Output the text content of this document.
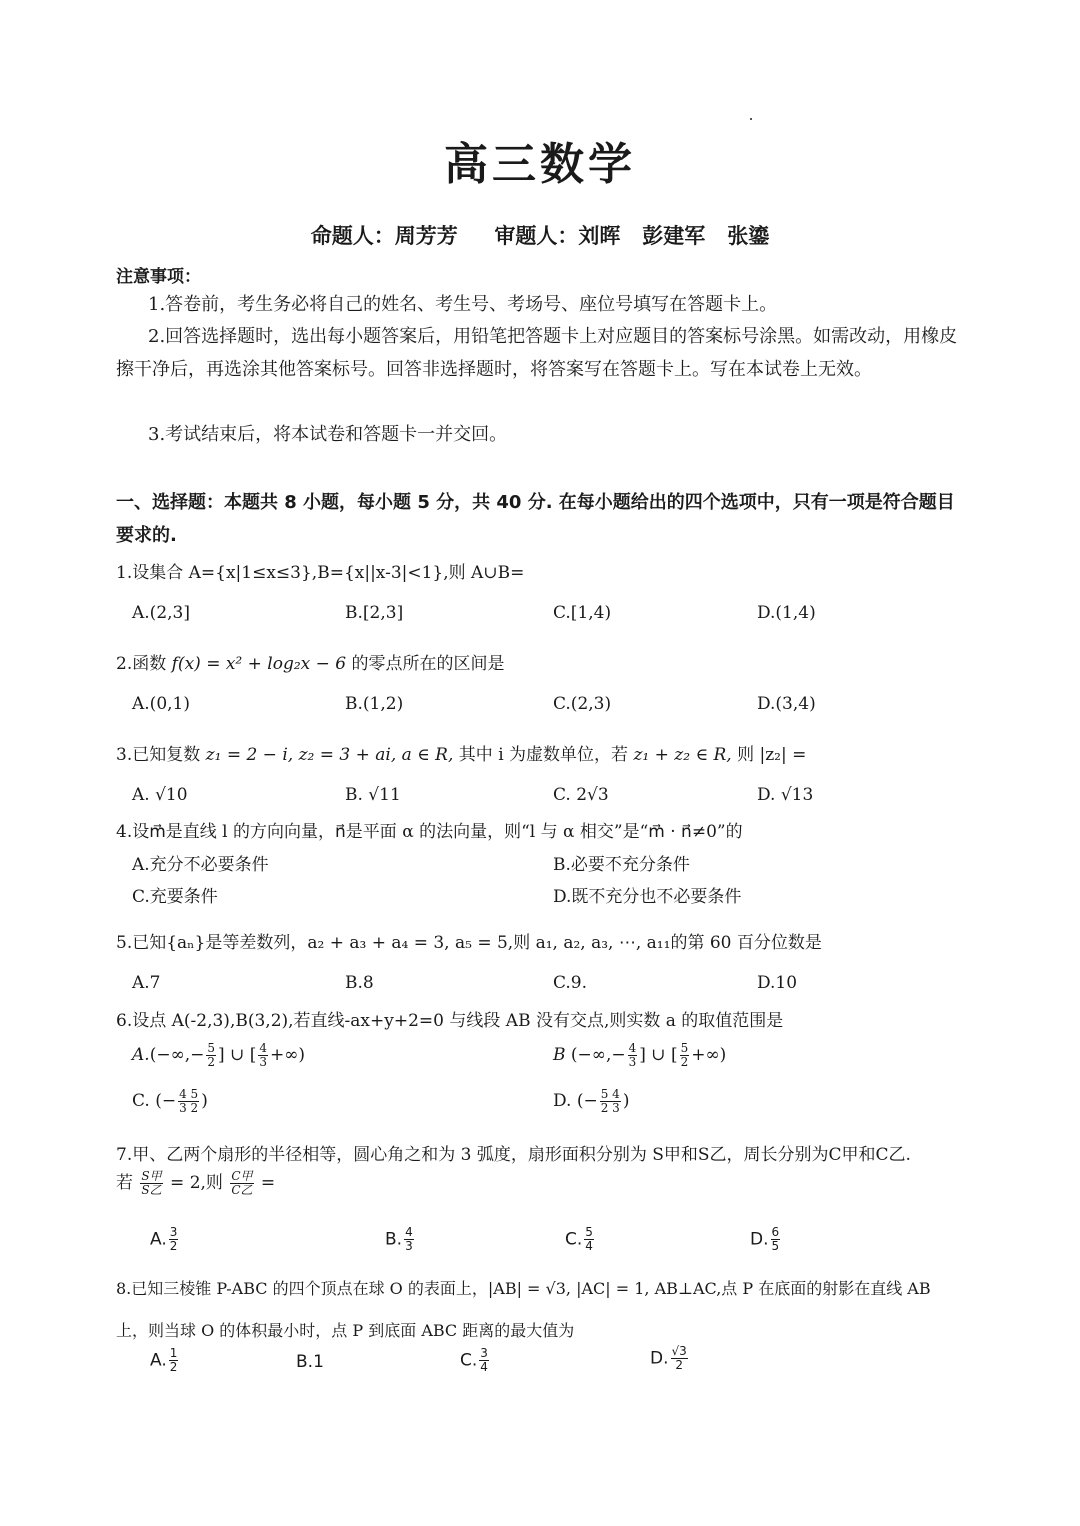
高三数学
命题人：周芳芳     审题人：刘晖   彭建军   张鎏
注意事项：
1.答卷前，考生务必将自己的姓名、考生号、考场号、座位号填写在答题卡上。
2.回答选择题时，选出每小题答案后，用铅笔把答题卡上对应题目的答案标号涂黑。如需改动，用橡皮擦干净后，再选涂其他答案标号。回答非选择题时，将答案写在答题卡上。写在本试卷上无效。
3.考试结束后，将本试卷和答题卡一并交回。
一、选择题：本题共 8 小题，每小题 5 分，共 40 分. 在每小题给出的四个选项中，只有一项是符合题目要求的.
1.设集合 A={x|1≤x≤3},B={x||x-3|<1},则 A∪B=
A.(2,3]	B.[2,3]	C.[1,4)	D.(1,4)
2.函数 f(x) = x² + log₂x − 6 的零点所在的区间是
A.(0,1)	B.(1,2)	C.(2,3)	D.(3,4)
3.已知复数 z₁ = 2 − i, z₂ = 3 + ai, a ∈ R, 其中 i 为虚数单位，若 z₁ + z₂ ∈ R, 则 |z₂| =
A. √10	B. √11	C. 2√3	D. √13
4.设m⃗是直线 l 的方向向量，n⃗是平面 α 的法向量，则“l 与 α 相交”是“m⃗ · n⃗≠0”的
A.充分不必要条件	B.必要不充分条件
C.充要条件	D.既不充分也不必要条件
5.已知{aₙ}是等差数列，a₂ + a₃ + a₄ = 3, a₅ = 5,则 a₁, a₂, a₃, ⋯, a₁₁的第 60 百分位数是
A.7	B.8	C.9.	D.10
6.设点 A(-2,3),B(3,2),若直线-ax+y+2=0 与线段 AB 没有交点,则实数 a 的取值范围是
$A.(-\infty,- \frac{5}{2}$ ] ∪ [ $\frac{4}{3}$ +∞)	B (−∞,− $\frac{4}{3}$ ] ∪ [ $\frac{5}{2}$ +∞)
C. (− $\frac{4 5}{3 2}$ )	D. (− $\frac{5 4}{2 3}$ )
7.甲、乙两个扇形的半径相等，圆心角之和为 3 弧度，扇形面积分别为 S甲和S乙，周长分别为C甲和C乙.
若 $\frac{\text{S甲}}{\text{S乙}} = 2$,则 $\frac{\text{C甲}}{\text{C乙}}$ =
A. $\frac{3}{2}$	B. $\frac{4}{3}$	C. $\frac{5}{4}$	D. $\frac{6}{5}$
8.已知三棱锥 P-ABC 的四个顶点在球 O 的表面上，|AB| = √3, |AC| = 1, AB⊥AC,点 P 在底面的射影在直线 AB
上，则当球 O 的体积最小时，点 P 到底面 ABC 距离的最大值为
A. $\frac{1}{2}$	B.1	C. $\frac{3}{4}$	D. $\frac{√3}{2}$
